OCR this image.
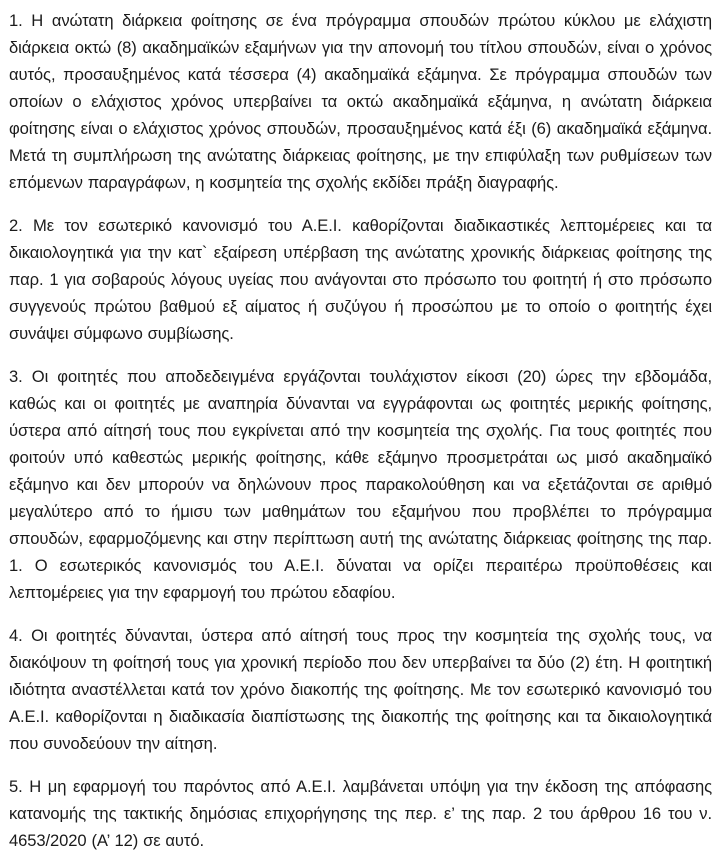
1. Η ανώτατη διάρκεια φοίτησης σε ένα πρόγραμμα σπουδών πρώτου κύκλου με ελάχιστη διάρκεια οκτώ (8) ακαδημαϊκών εξαμήνων για την απονομή του τίτλου σπουδών, είναι ο χρόνος αυτός, προσαυξημένος κατά τέσσερα (4) ακαδημαϊκά εξάμηνα. Σε πρόγραμμα σπουδών των οποίων ο ελάχιστος χρόνος υπερβαίνει τα οκτώ ακαδημαϊκά εξάμηνα, η ανώτατη διάρκεια φοίτησης είναι ο ελάχιστος χρόνος σπουδών, προσαυξημένος κατά έξι (6) ακαδημαϊκά εξάμηνα. Μετά τη συμπλήρωση της ανώτατης διάρκειας φοίτησης, με την επιφύλαξη των ρυθμίσεων των επόμενων παραγράφων, η κοσμητεία της σχολής εκδίδει πράξη διαγραφής.

2. Με τον εσωτερικό κανονισμό του Α.Ε.Ι. καθορίζονται διαδικαστικές λεπτομέρειες και τα δικαιολογητικά για την κατ` εξαίρεση υπέρβαση της ανώτατης χρονικής διάρκειας φοίτησης της παρ. 1 για σοβαρούς λόγους υγείας που ανάγονται στο πρόσωπο του φοιτητή ή στο πρόσωπο συγγενούς πρώτου βαθμού εξ αίματος ή συζύγου ή προσώπου με το οποίο ο φοιτητής έχει συνάψει σύμφωνο συμβίωσης.

3. Οι φοιτητές που αποδεδειγμένα εργάζονται τουλάχιστον είκοσι (20) ώρες την εβδομάδα, καθώς και οι φοιτητές με αναπηρία δύνανται να εγγράφονται ως φοιτητές μερικής φοίτησης, ύστερα από αίτησή τους που εγκρίνεται από την κοσμητεία της σχολής. Για τους φοιτητές που φοιτούν υπό καθεστώς μερικής φοίτησης, κάθε εξάμηνο προσμετράται ως μισό ακαδημαϊκό εξάμηνο και δεν μπορούν να δηλώνουν προς παρακολούθηση και να εξετάζονται σε αριθμό μεγαλύτερο από το ήμισυ των μαθημάτων του εξαμήνου που προβλέπει το πρόγραμμα σπουδών, εφαρμοζόμενης και στην περίπτωση αυτή της ανώτατης διάρκειας φοίτησης της παρ. 1. Ο εσωτερικός κανονισμός του Α.Ε.Ι. δύναται να ορίζει περαιτέρω προϋποθέσεις και λεπτομέρειες για την εφαρμογή του πρώτου εδαφίου.

4. Οι φοιτητές δύνανται, ύστερα από αίτησή τους προς την κοσμητεία της σχολής τους, να διακόψουν τη φοίτησή τους για χρονική περίοδο που δεν υπερβαίνει τα δύο (2) έτη. Η φοιτητική ιδιότητα αναστέλλεται κατά τον χρόνο διακοπής της φοίτησης. Με τον εσωτερικό κανονισμό του Α.Ε.Ι. καθορίζονται η διαδικασία διαπίστωσης της διακοπής της φοίτησης και τα δικαιολογητικά που συνοδεύουν την αίτηση.

5. Η μη εφαρμογή του παρόντος από Α.Ε.Ι. λαμβάνεται υπόψη για την έκδοση της απόφασης κατανομής της τακτικής δημόσιας επιχορήγησης της περ. ε’ της παρ. 2 του άρθρου 16 του ν. 4653/2020 (Α’ 12) σε αυτό.
